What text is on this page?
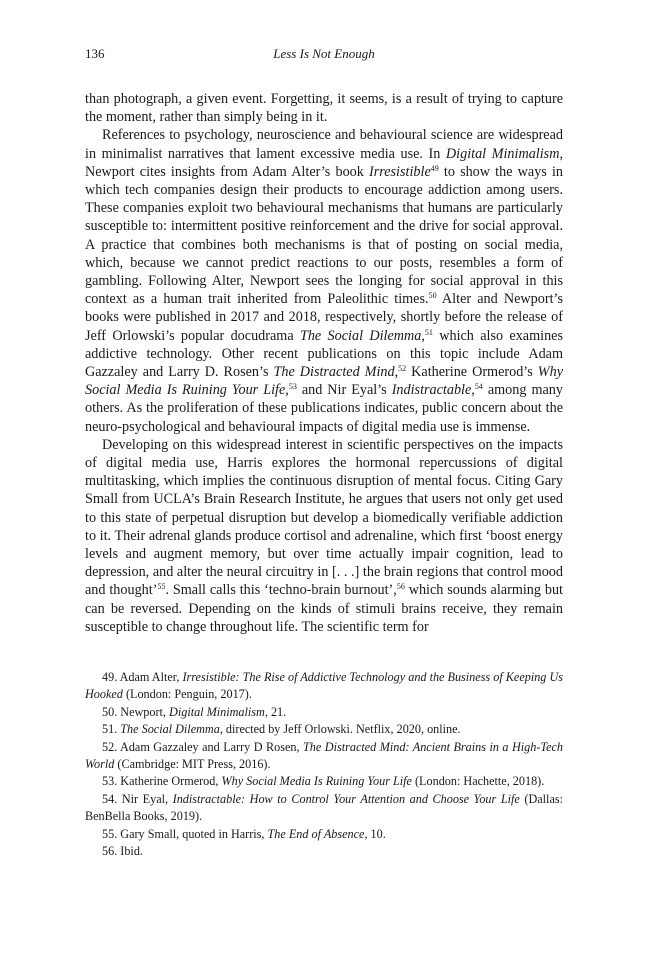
136	Less Is Not Enough

than photograph, a given event. Forgetting, it seems, is a result of trying to capture the moment, rather than simply being in it.

References to psychology, neuroscience and behavioural science are widespread in minimalist narratives that lament excessive media use. In Digital Minimalism, Newport cites insights from Adam Alter’s book Irresistible$^{49}$ to show the ways in which tech companies design their products to encourage addiction among users. These companies exploit two behavioural mechanisms that humans are particularly susceptible to: intermittent positive reinforcement and the drive for social approval. A practice that combines both mechanisms is that of posting on social media, which, because we cannot predict reactions to our posts, resembles a form of gambling. Following Alter, Newport sees the longing for social approval in this context as a human trait inherited from Paleolithic times.$^{50}$ Alter and Newport’s books were published in 2017 and 2018, respectively, shortly before the release of Jeff Orlowski’s popular docudrama The Social Dilemma,$^{51}$ which also examines addictive technology. Other recent publications on this topic include Adam Gazzaley and Larry D. Rosen’s The Distracted Mind,$^{52}$ Katherine Ormerod’s Why Social Media Is Ruining Your Life,$^{53}$ and Nir Eyal’s Indistractable,$^{54}$ among many others. As the proliferation of these publications indicates, public concern about the neuro-psychological and behavioural impacts of digital media use is immense.

Developing on this widespread interest in scientific perspectives on the impacts of digital media use, Harris explores the hormonal repercussions of digital multitasking, which implies the continuous disruption of mental focus. Citing Gary Small from UCLA’s Brain Research Institute, he argues that users not only get used to this state of perpetual disruption but develop a biomedically verifiable addiction to it. Their adrenal glands produce cortisol and adrenaline, which first ‘boost energy levels and augment memory, but over time actually impair cognition, lead to depression, and alter the neural circuitry in [. . .] the brain regions that control mood and thought’$^{55}$. Small calls this ‘techno-brain burnout’,$^{56}$ which sounds alarming but can be reversed. Depending on the kinds of stimuli brains receive, they remain susceptible to change throughout life. The scientific term for

49. Adam Alter, Irresistible: The Rise of Addictive Technology and the Business of Keeping Us Hooked (London: Penguin, 2017).

50. Newport, Digital Minimalism, 21.

51. The Social Dilemma, directed by Jeff Orlowski. Netflix, 2020, online.

52. Adam Gazzaley and Larry D Rosen, The Distracted Mind: Ancient Brains in a High-Tech World (Cambridge: MIT Press, 2016).

53. Katherine Ormerod, Why Social Media Is Ruining Your Life (London: Hachette, 2018).

54. Nir Eyal, Indistractable: How to Control Your Attention and Choose Your Life (Dallas: BenBella Books, 2019).

55. Gary Small, quoted in Harris, The End of Absence, 10.

56. Ibid.
